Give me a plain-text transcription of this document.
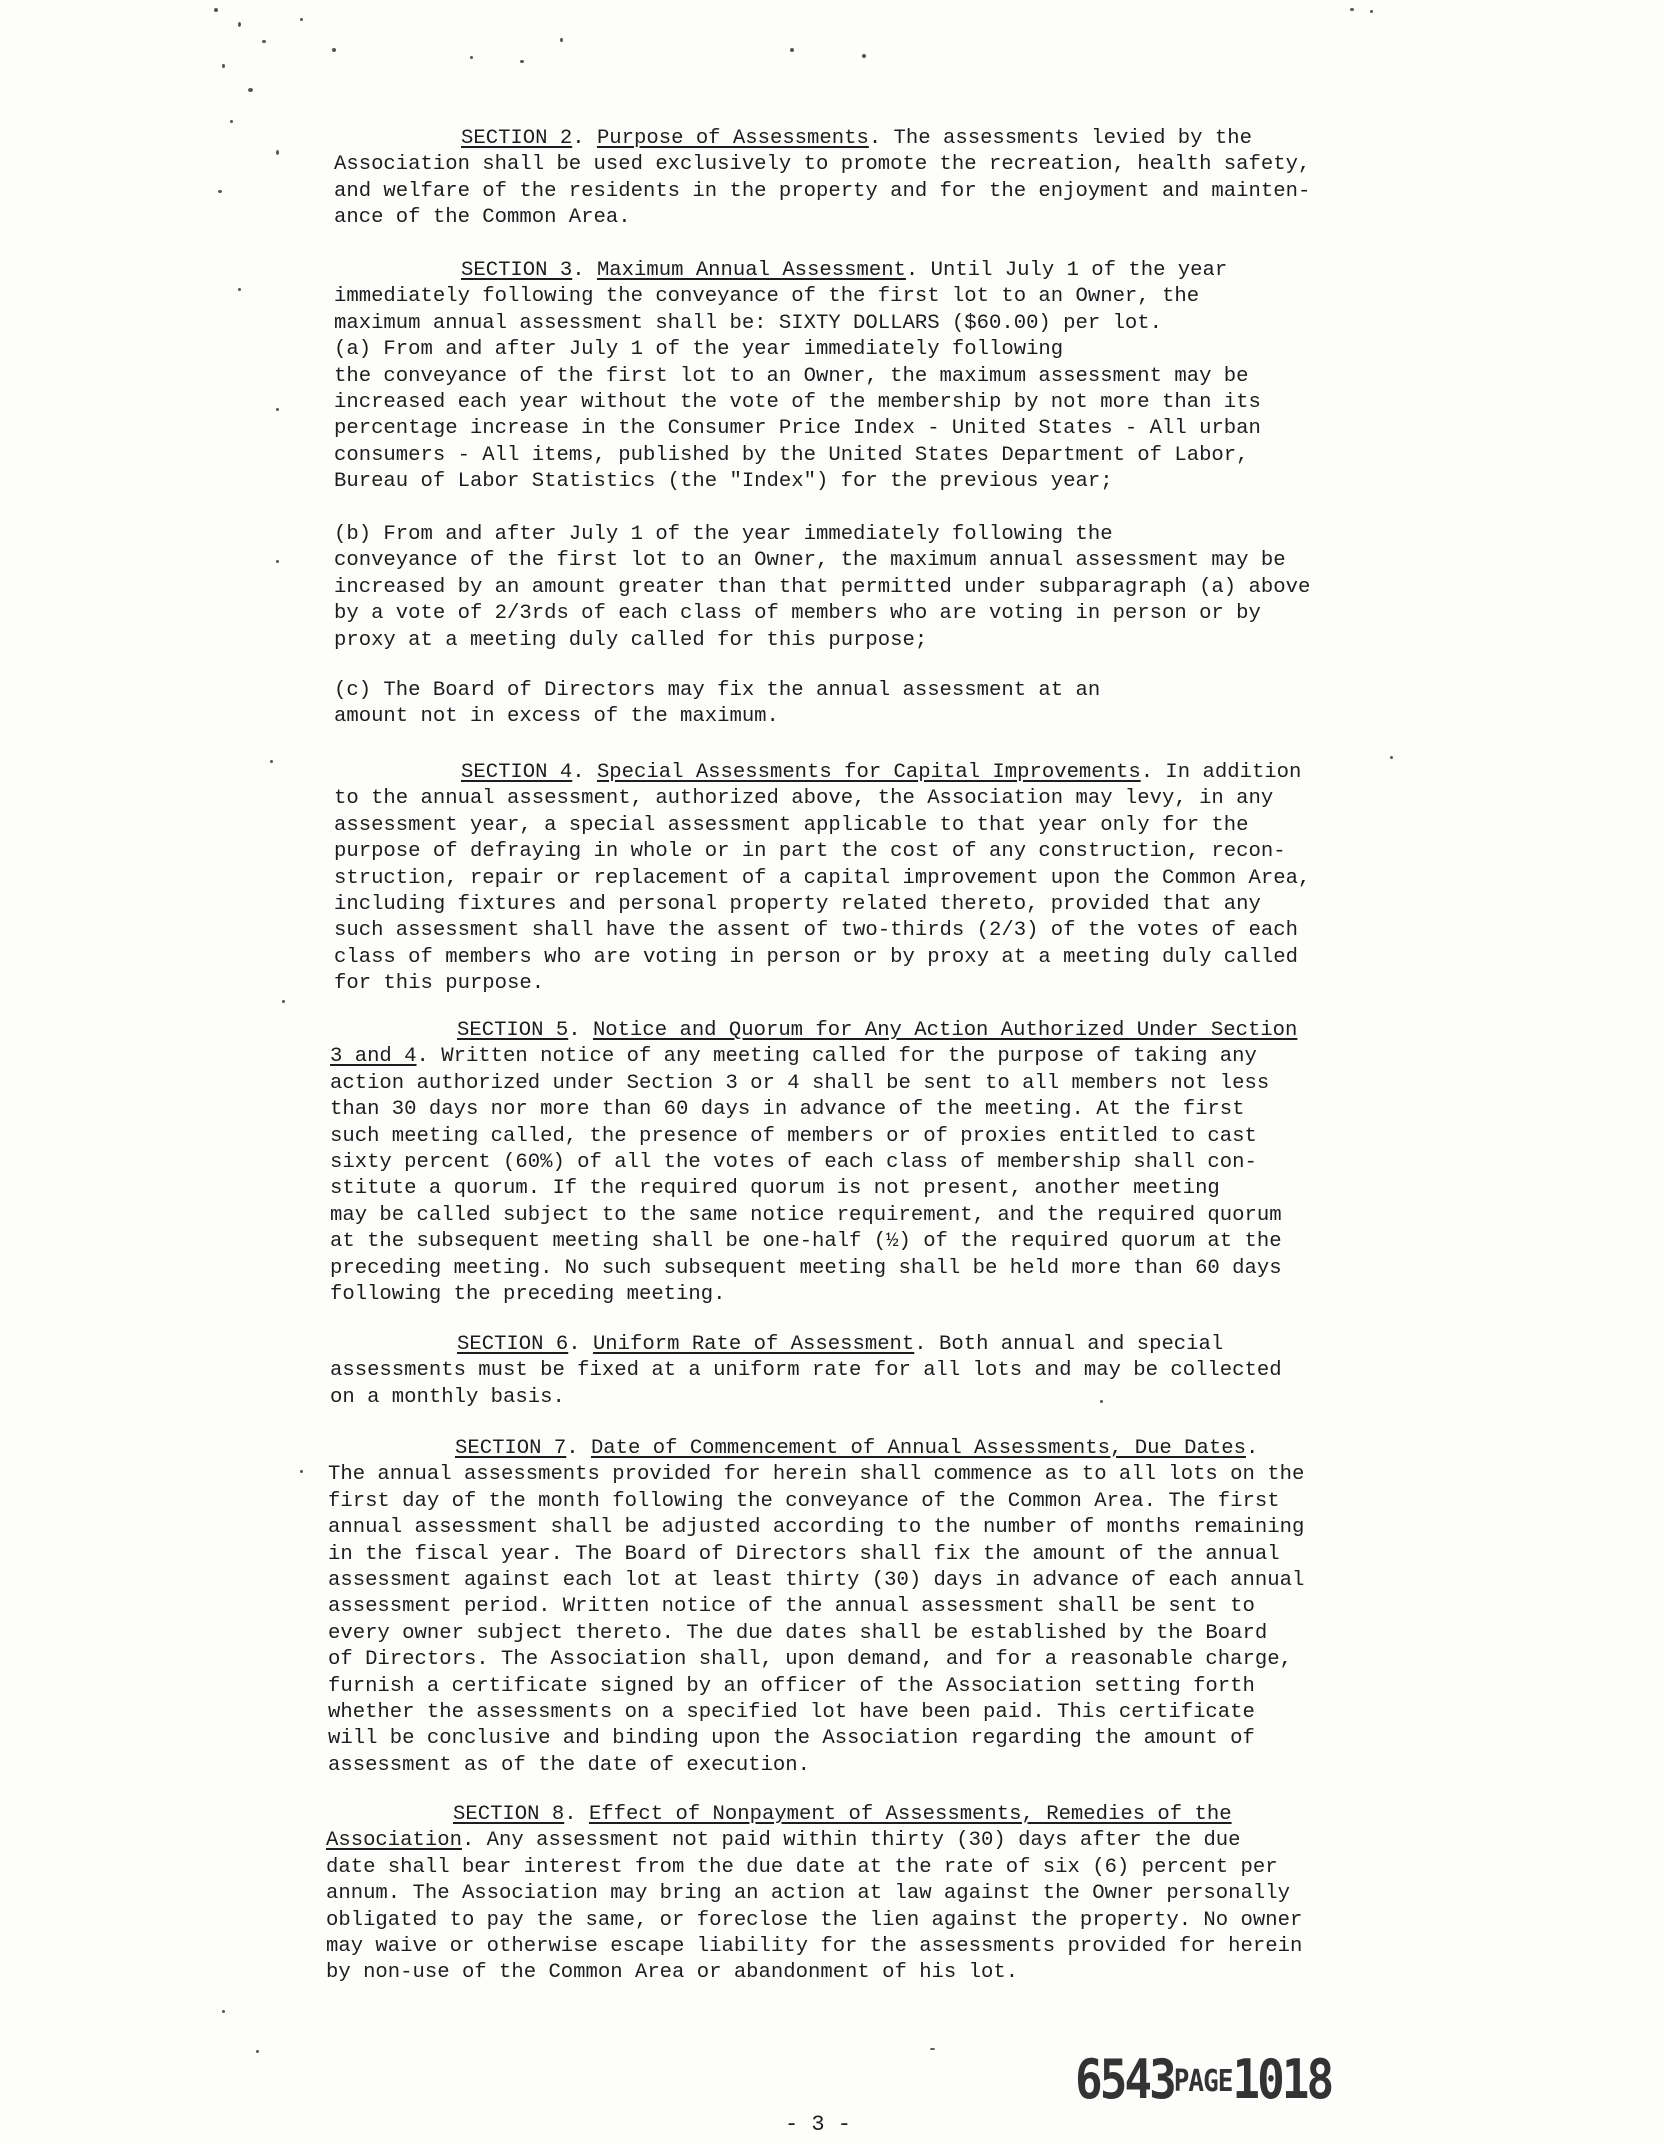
SECTION 2. Purpose of Assessments. The assessments levied by the
Association shall be used exclusively to promote the recreation, health safety,
and welfare of the residents in the property and for the enjoyment and mainten-
ance of the Common Area.
SECTION 3. Maximum Annual Assessment. Until July 1 of the year
immediately following the conveyance of the first lot to an Owner, the
maximum annual assessment shall be: SIXTY DOLLARS ($60.00) per lot.
(a) From and after July 1 of the year immediately following
the conveyance of the first lot to an Owner, the maximum assessment may be
increased each year without the vote of the membership by not more than its
percentage increase in the Consumer Price Index - United States - All urban
consumers - All items, published by the United States Department of Labor,
Bureau of Labor Statistics (the "Index") for the previous year;
(b) From and after July 1 of the year immediately following the
conveyance of the first lot to an Owner, the maximum annual assessment may be
increased by an amount greater than that permitted under subparagraph (a) above
by a vote of 2/3rds of each class of members who are voting in person or by
proxy at a meeting duly called for this purpose;
(c) The Board of Directors may fix the annual assessment at an
amount not in excess of the maximum.
SECTION 4. Special Assessments for Capital Improvements. In addition
to the annual assessment, authorized above, the Association may levy, in any
assessment year, a special assessment applicable to that year only for the
purpose of defraying in whole or in part the cost of any construction, recon-
struction, repair or replacement of a capital improvement upon the Common Area,
including fixtures and personal property related thereto, provided that any
such assessment shall have the assent of two-thirds (2/3) of the votes of each
class of members who are voting in person or by proxy at a meeting duly called
for this purpose.
SECTION 5. Notice and Quorum for Any Action Authorized Under Section
3 and 4. Written notice of any meeting called for the purpose of taking any
action authorized under Section 3 or 4 shall be sent to all members not less
than 30 days nor more than 60 days in advance of the meeting. At the first
such meeting called, the presence of members or of proxies entitled to cast
sixty percent (60%) of all the votes of each class of membership shall con-
stitute a quorum. If the required quorum is not present, another meeting
may be called subject to the same notice requirement, and the required quorum
at the subsequent meeting shall be one-half (½) of the required quorum at the
preceding meeting. No such subsequent meeting shall be held more than 60 days
following the preceding meeting.
SECTION 6. Uniform Rate of Assessment. Both annual and special
assessments must be fixed at a uniform rate for all lots and may be collected
on a monthly basis.
SECTION 7. Date of Commencement of Annual Assessments, Due Dates.
The annual assessments provided for herein shall commence as to all lots on the
first day of the month following the conveyance of the Common Area. The first
annual assessment shall be adjusted according to the number of months remaining
in the fiscal year. The Board of Directors shall fix the amount of the annual
assessment against each lot at least thirty (30) days in advance of each annual
assessment period. Written notice of the annual assessment shall be sent to
every owner subject thereto. The due dates shall be established by the Board
of Directors. The Association shall, upon demand, and for a reasonable charge,
furnish a certificate signed by an officer of the Association setting forth
whether the assessments on a specified lot have been paid. This certificate
will be conclusive and binding upon the Association regarding the amount of
assessment as of the date of execution.
SECTION 8. Effect of Nonpayment of Assessments, Remedies of the
Association. Any assessment not paid within thirty (30) days after the due
date shall bear interest from the due date at the rate of six (6) percent per
annum. The Association may bring an action at law against the Owner personally
obligated to pay the same, or foreclose the lien against the property. No owner
may waive or otherwise escape liability for the assessments provided for herein
by non-use of the Common Area or abandonment of his lot.
- 3 -
6543PAGE1018
